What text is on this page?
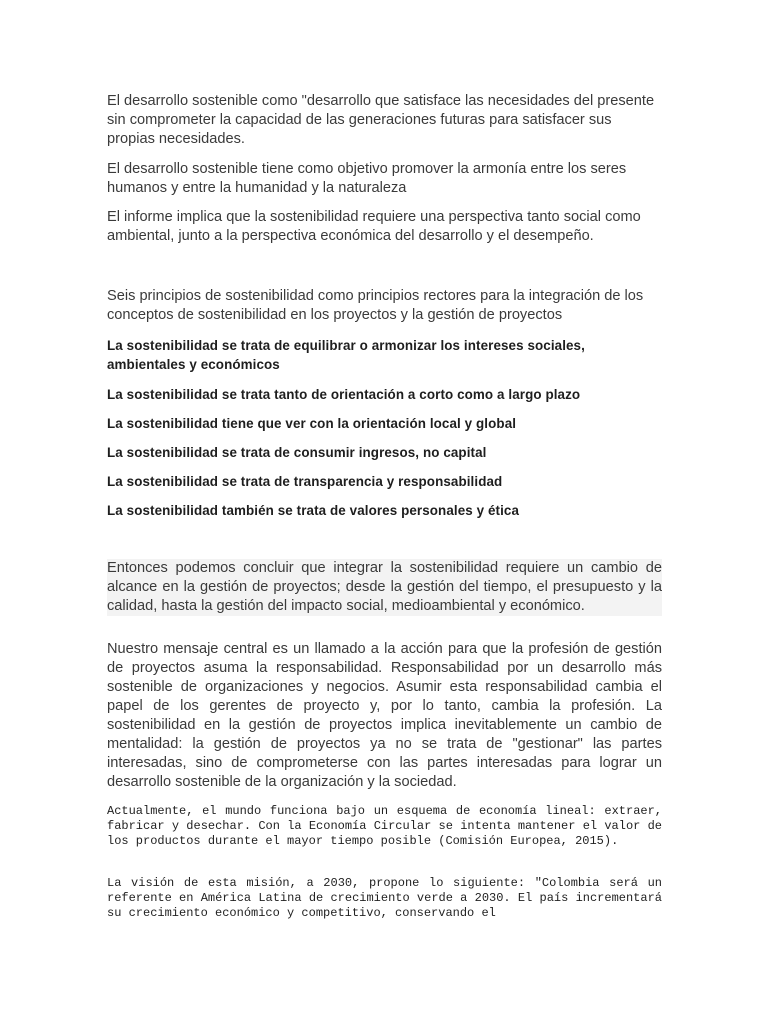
El desarrollo sostenible como "desarrollo que satisface las necesidades del presente sin comprometer la capacidad de las generaciones futuras para satisfacer sus propias necesidades.

El desarrollo sostenible tiene como objetivo promover la armonía entre los seres humanos y entre la humanidad y la naturaleza

El informe implica que la sostenibilidad requiere una perspectiva tanto social como ambiental, junto a la perspectiva económica del desarrollo y el desempeño.

Seis principios de sostenibilidad como principios rectores para la integración de los conceptos de sostenibilidad en los proyectos y la gestión de proyectos

La sostenibilidad se trata de equilibrar o armonizar los intereses sociales, ambientales y económicos

La sostenibilidad se trata tanto de orientación a corto como a largo plazo

La sostenibilidad tiene que ver con la orientación local y global

La sostenibilidad se trata de consumir ingresos, no capital

La sostenibilidad se trata de transparencia y responsabilidad

La sostenibilidad también se trata de valores personales y ética

Entonces podemos concluir que integrar la sostenibilidad requiere un cambio de alcance en la gestión de proyectos; desde la gestión del tiempo, el presupuesto y la calidad, hasta la gestión del impacto social, medioambiental y económico.

Nuestro mensaje central es un llamado a la acción para que la profesión de gestión de proyectos asuma la responsabilidad. Responsabilidad por un desarrollo más sostenible de organizaciones y negocios. Asumir esta responsabilidad cambia el papel de los gerentes de proyecto y, por lo tanto, cambia la profesión. La sostenibilidad en la gestión de proyectos implica inevitablemente un cambio de mentalidad: la gestión de proyectos ya no se trata de "gestionar" las partes interesadas, sino de comprometerse con las partes interesadas para lograr un desarrollo sostenible de la organización y la sociedad.

Actualmente, el mundo funciona bajo un esquema de economía lineal: extraer, fabricar y desechar. Con la Economía Circular se intenta mantener el valor de los productos durante el mayor tiempo posible (Comisión Europea, 2015).

La visión de esta misión, a 2030, propone lo siguiente: "Colombia será un referente en América Latina de crecimiento verde a 2030. El país incrementará su crecimiento económico y competitivo, conservando el
